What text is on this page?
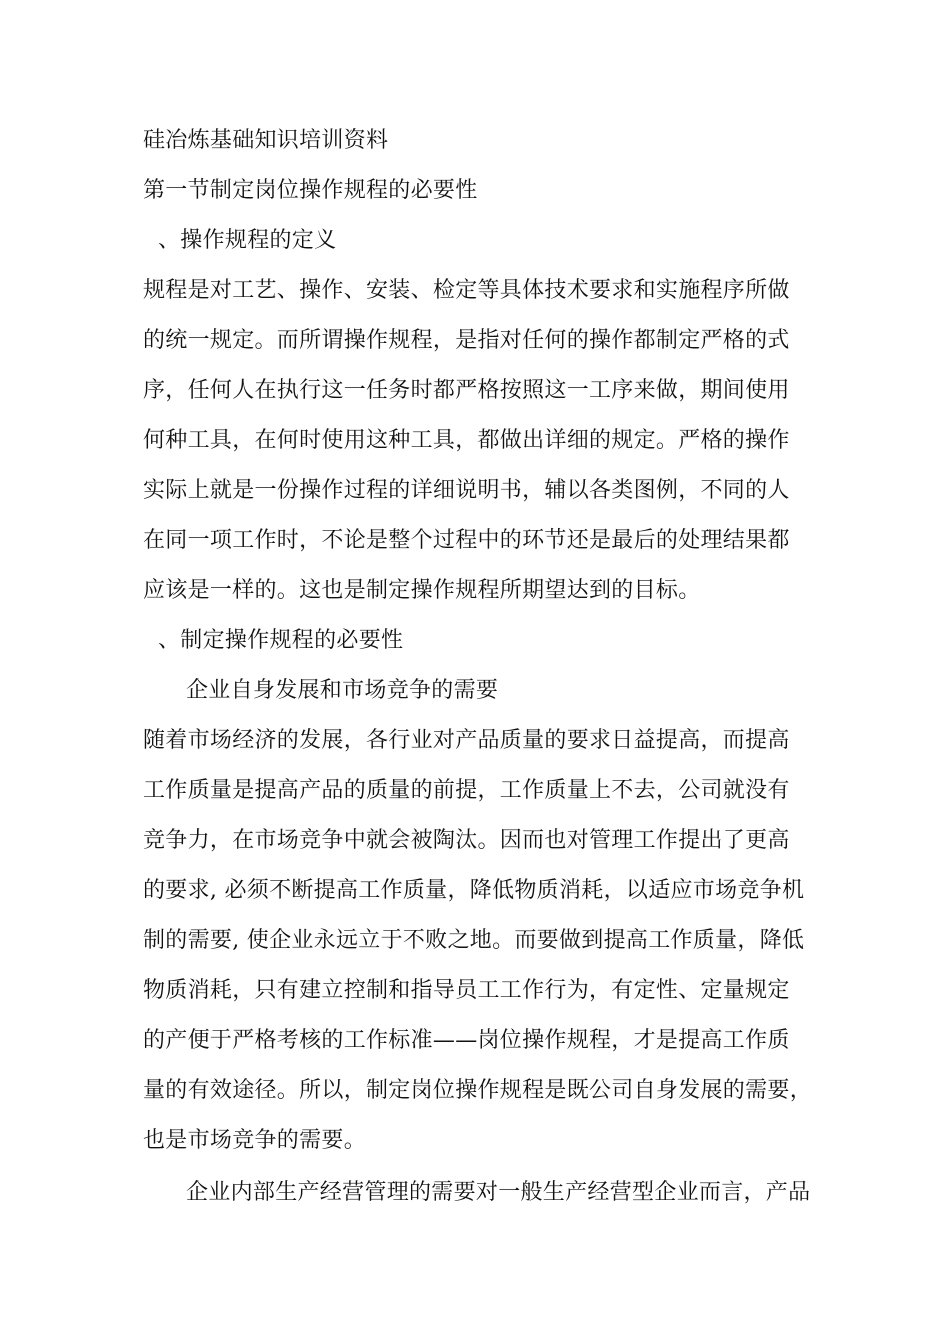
硅冶炼基础知识培训资料
第一节制定岗位操作规程的必要性
、操作规程的定义
规程是对工艺、操作、安装、检定等具体技术要求和实施程序所做
的统一规定。而所谓操作规程，是指对任何的操作都制定严格的式
序，任何人在执行这一任务时都严格按照这一工序来做，期间使用
何种工具，在何时使用这种工具，都做出详细的规定。严格的操作
实际上就是一份操作过程的详细说明书，辅以各类图例，不同的人
在同一项工作时，不论是整个过程中的环节还是最后的处理结果都
应该是一样的。这也是制定操作规程所期望达到的目标。
、制定操作规程的必要性
企业自身发展和市场竞争的需要
随着市场经济的发展，各行业对产品质量的要求日益提高，而提高
工作质量是提高产品的质量的前提，工作质量上不去，公司就没有
竞争力，在市场竞争中就会被陶汰。因而也对管理工作提出了更高
的要求, 必须不断提高工作质量，降低物质消耗，以适应市场竞争机
制的需要, 使企业永远立于不败之地。而要做到提高工作质量，降低
物质消耗，只有建立控制和指导员工工作行为，有定性、定量规定
的产便于严格考核的工作标准——岗位操作规程，才是提高工作质
量的有效途径。所以，制定岗位操作规程是既公司自身发展的需要，
也是市场竞争的需要。
企业内部生产经营管理的需要对一般生产经营型企业而言，产品
